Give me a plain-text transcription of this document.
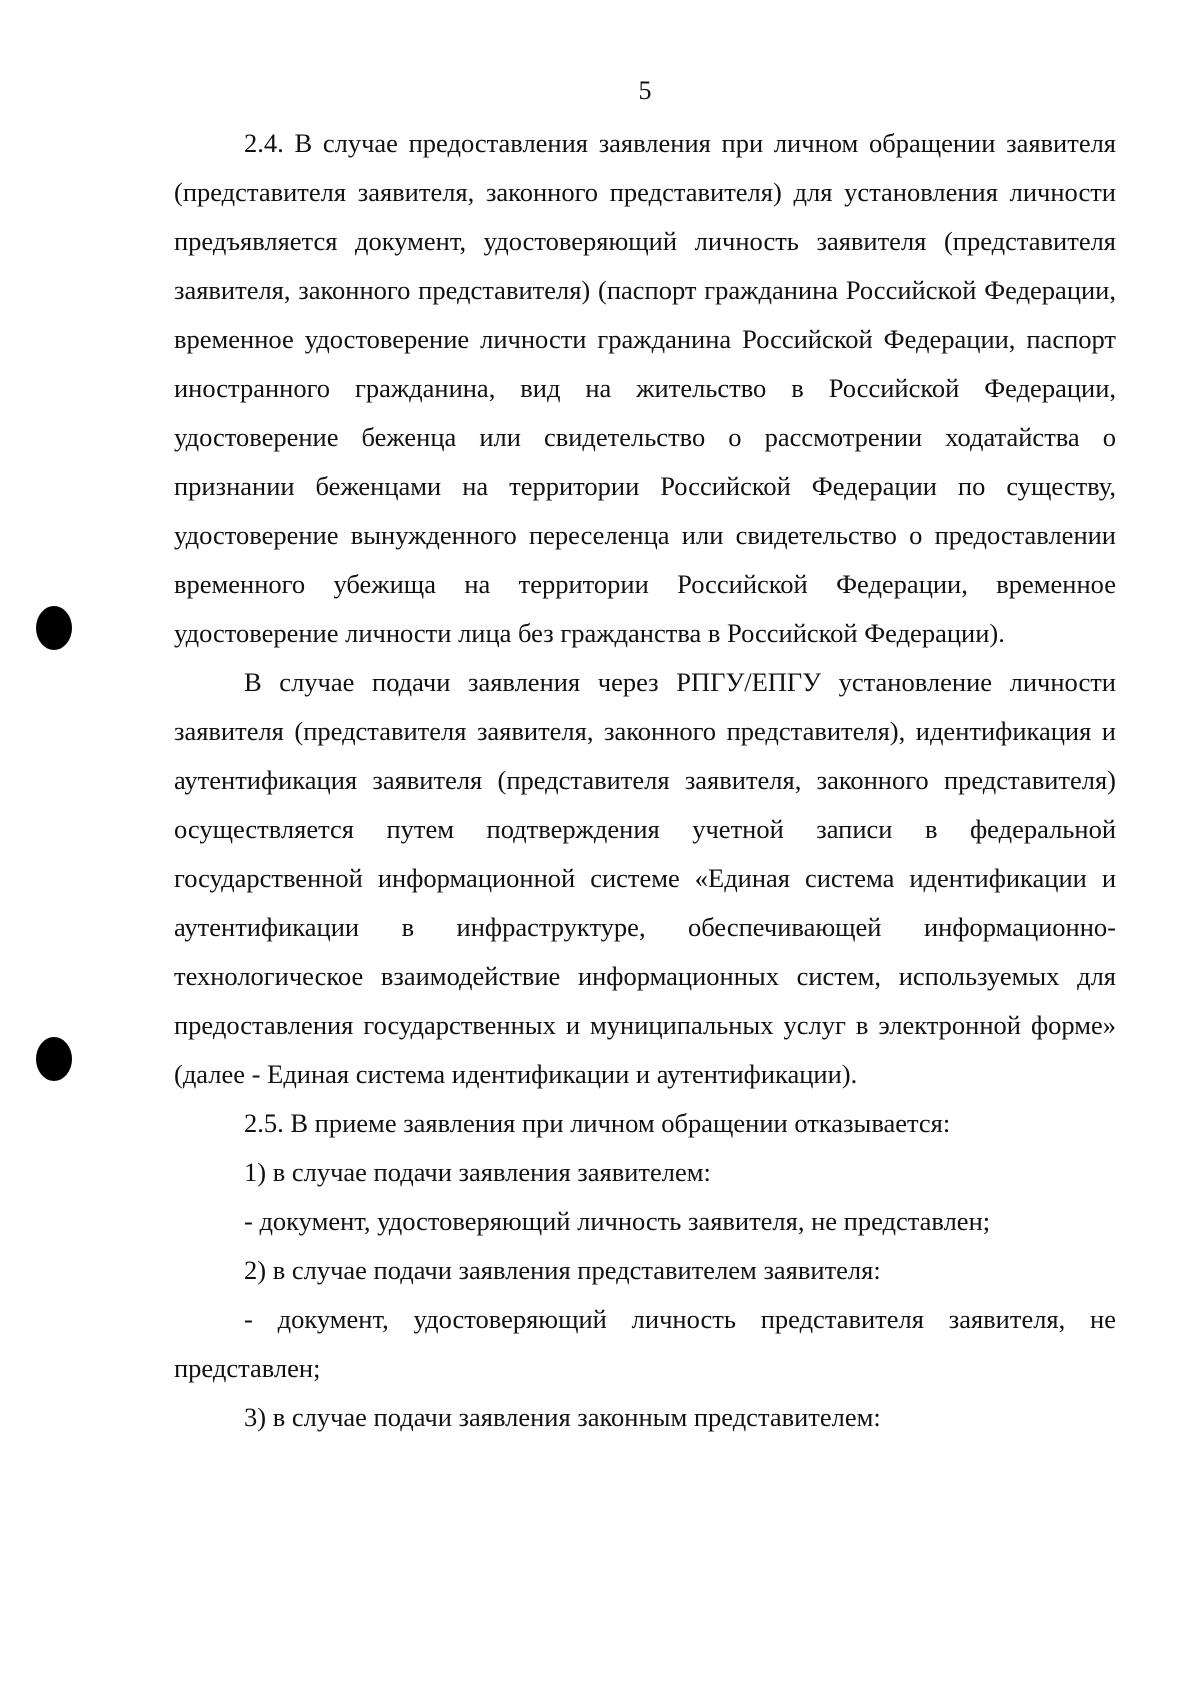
5

2.4. В случае предоставления заявления при личном обращении заявителя (представителя заявителя, законного представителя) для установления личности предъявляется документ, удостоверяющий личность заявителя (представителя заявителя, законного представителя) (паспорт гражданина Российской Федерации, временное удостоверение личности гражданина Российской Федерации, паспорт иностранного гражданина, вид на жительство в Российской Федерации, удостоверение беженца или свидетельство о рассмотрении ходатайства о признании беженцами на территории Российской Федерации по существу, удостоверение вынужденного переселенца или свидетельство о предоставлении временного убежища на территории Российской Федерации, временное удостоверение личности лица без гражданства в Российской Федерации).

В случае подачи заявления через РПГУ/ЕПГУ установление личности заявителя (представителя заявителя, законного представителя), идентификация и аутентификация заявителя (представителя заявителя, законного представителя) осуществляется путем подтверждения учетной записи в федеральной государственной информационной системе «Единая система идентификации и аутентификации в инфраструктуре, обеспечивающей информационно-технологическое взаимодействие информационных систем, используемых для предоставления государственных и муниципальных услуг в электронной форме» (далее - Единая система идентификации и аутентификации).

2.5. В приеме заявления при личном обращении отказывается:

1) в случае подачи заявления заявителем:

- документ, удостоверяющий личность заявителя, не представлен;

2) в случае подачи заявления представителем заявителя:

- документ, удостоверяющий личность представителя заявителя, не представлен;

3) в случае подачи заявления законным представителем:
